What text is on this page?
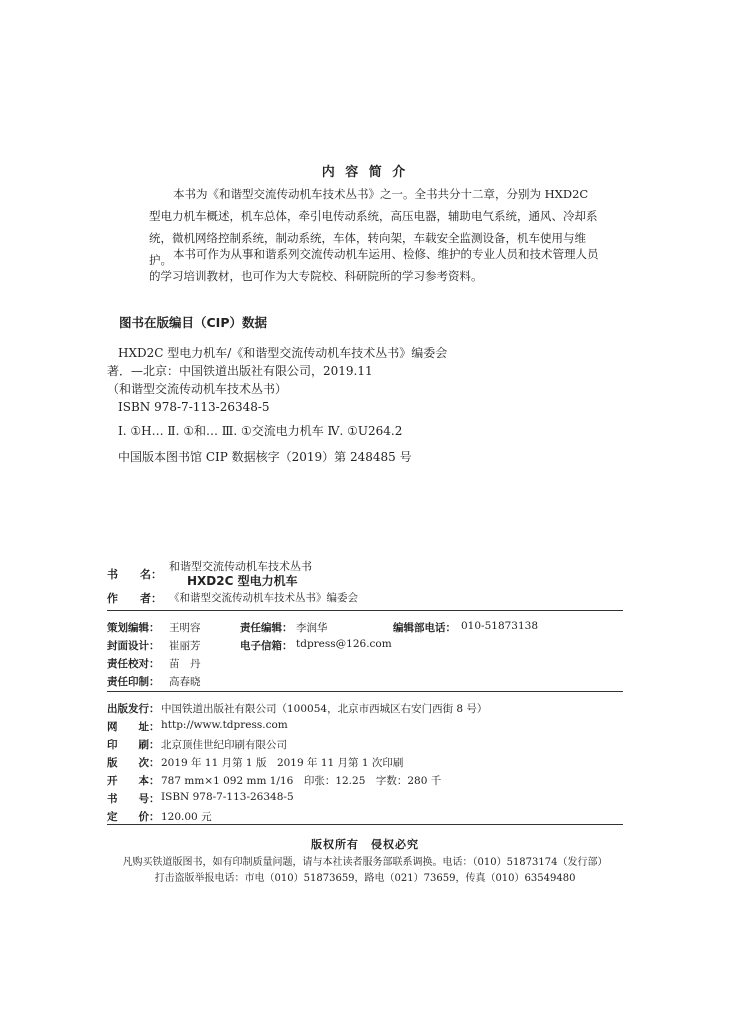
内 容 简 介
本书为《和谐型交流传动机车技术丛书》之一。全书共分十二章，分别为 HXD2C 型电力机车概述，机车总体，牵引电传动系统，高压电器，辅助电气系统，通风、冷却系统，微机网络控制系统，制动系统，车体，转向架，车载安全监测设备，机车使用与维护。 本书可作为从事和谐系列交流传动机车运用、检修、维护的专业人员和技术管理人员的学习培训教材，也可作为大专院校、科研院所的学习参考资料。
图书在版编目（CIP）数据
HXD2C 型电力机车/《和谐型交流传动机车技术丛书》编委会
著．—北京：中国铁道出版社有限公司，2019.11
（和谐型交流传动机车技术丛书）
ISBN 978-7-113-26348-5
Ⅰ. ①H… Ⅱ. ①和… Ⅲ. ①交流电力机车 Ⅳ. ①U264.2
中国版本图书馆 CIP 数据核字（2019）第 248485 号
书　　名：
和谐型交流传动机车技术丛书
HXD2C 型电力机车
作　　者： 《和谐型交流传动机车技术丛书》编委会
策划编辑： 王明容	责任编辑： 李润华	编辑部电话： 010-51873138
封面设计： 崔丽芳	电子信箱： tdpress@126.com
责任校对： 苗　丹
责任印制： 高春晓
出版发行： 中国铁道出版社有限公司（100054，北京市西城区右安门西街 8 号）
网　　址： http://www.tdpress.com
印　　刷： 北京顶佳世纪印刷有限公司
版　　次： 2019 年 11 月第 1 版　2019 年 11 月第 1 次印刷
开　　本： 787 mm×1 092 mm 1/16　印张：12.25　字数：280 千
书　　号： ISBN 978-7-113-26348-5
定　　价： 120.00 元
版权所有　侵权必究
凡购买铁道版图书，如有印制质量问题，请与本社读者服务部联系调换。电话：（010）51873174（发行部）
打击盗版举报电话：市电（010）51873659，路电（021）73659，传真（010）63549480
